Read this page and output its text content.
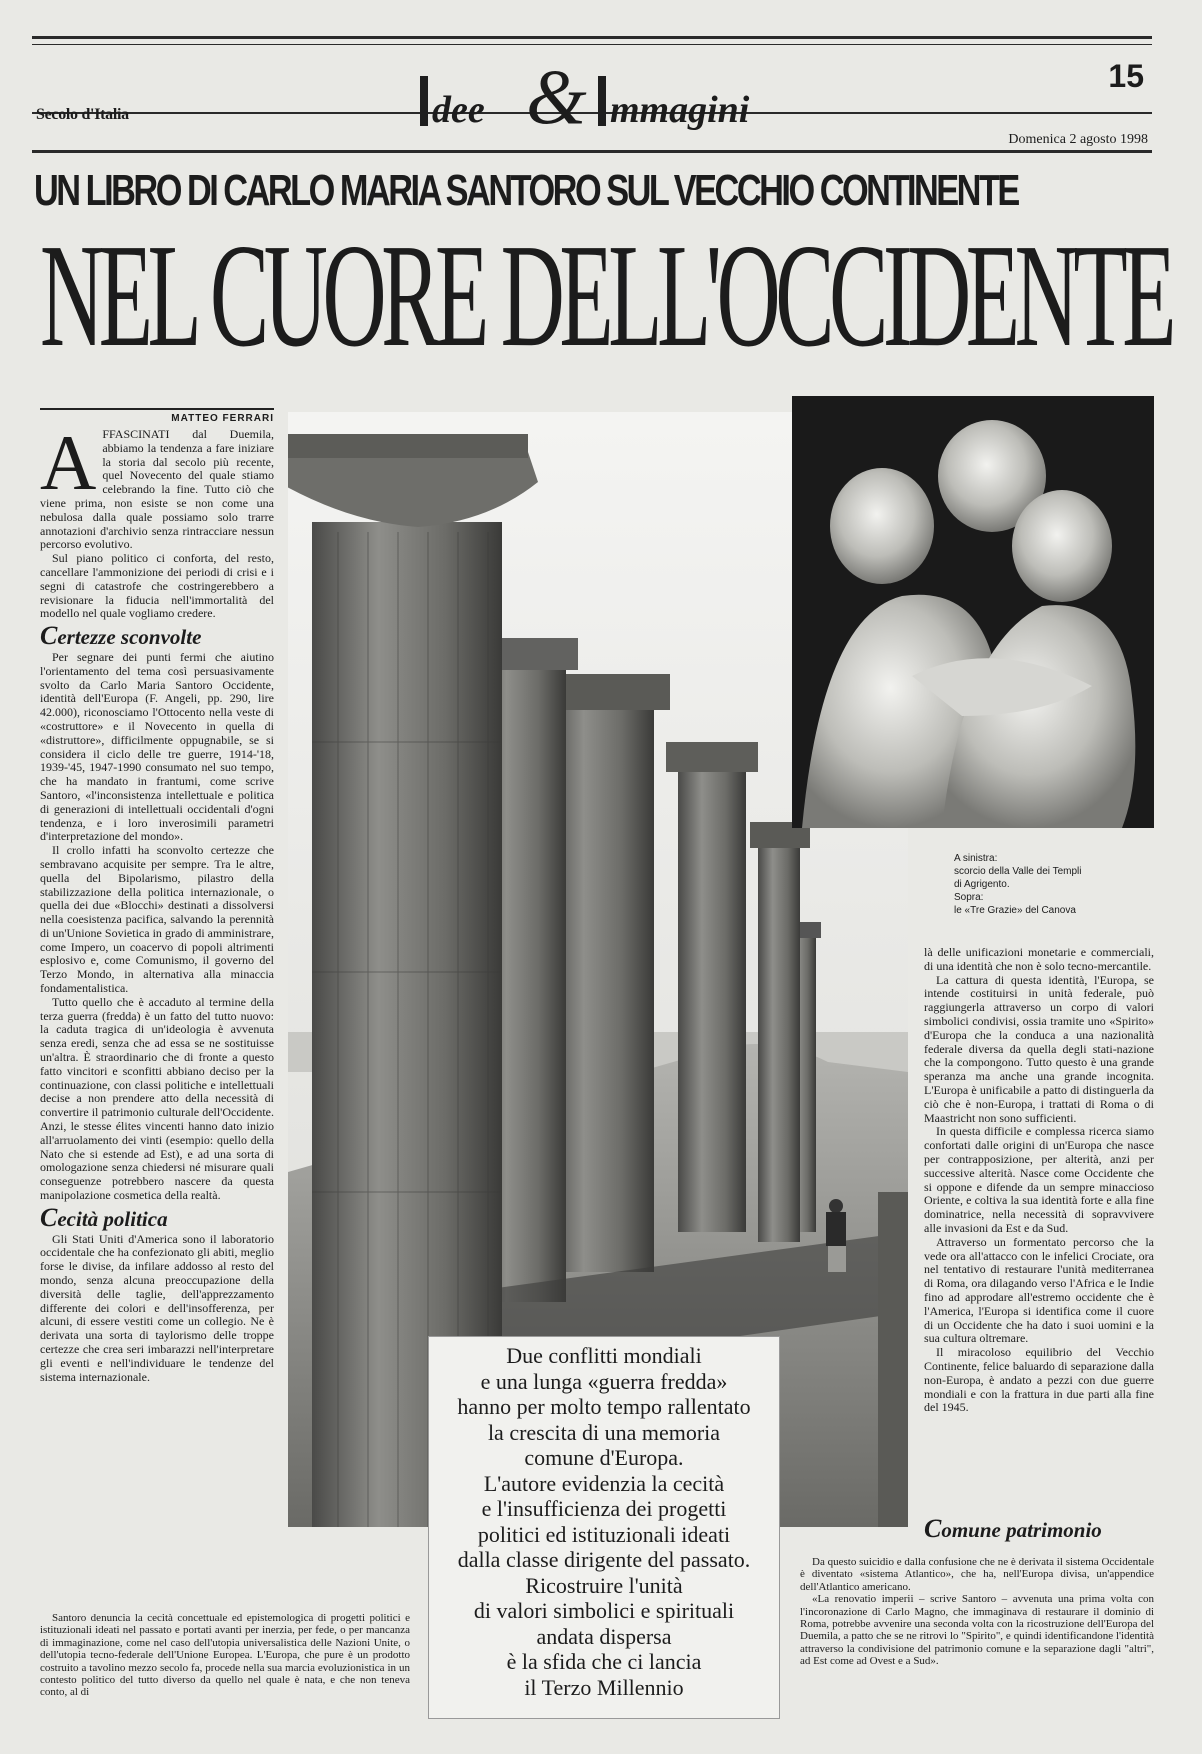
Secolo d'Italia	dee & mmagini
15
Domenica 2 agosto 1998
UN LIBRO DI CARLO MARIA SANTORO SUL VECCHIO CONTINENTE
NEL CUORE DELL'OCCIDENTE
MATTEO FERRARI

AFFASCINATI dal Duemila, abbiamo la tendenza a fare iniziare la storia dal secolo più recente, quel Novecento del quale stiamo celebrando la fine. Tutto ciò che viene prima, non esiste se non come una nebulosa dalla quale possiamo solo trarre annotazioni d'archivio senza rintracciare nessun percorso evolutivo.

Sul piano politico ci conforta, del resto, cancellare l'ammonizione dei periodi di crisi e i segni di catastrofe che costringerebbero a revisionare la fiducia nell'immortalità del modello nel quale vogliamo credere.

Certezze sconvolte

Per segnare dei punti fermi che aiutino l'orientamento del tema così persuasivamente svolto da Carlo Maria Santoro Occidente, identità dell'Europa (F. Angeli, pp. 290, lire 42.000), riconosciamo l'Ottocento nella veste di «costruttore» e il Novecento in quella di «distruttore», difficilmente oppugnabile, se si considera il ciclo delle tre guerre, 1914-'18, 1939-'45, 1947-1990 consumato nel suo tempo, che ha mandato in frantumi, come scrive Santoro, «l'inconsistenza intellettuale e politica di generazioni di intellettuali occidentali d'ogni tendenza, e i loro inverosimili parametri d'interpretazione del mondo».

Il crollo infatti ha sconvolto certezze che sembravano acquisite per sempre. Tra le altre, quella del Bipolarismo, pilastro della stabilizzazione della politica internazionale, o quella dei due «Blocchi» destinati a dissolversi nella coesistenza pacifica, salvando la perennità di un'Unione Sovietica in grado di amministrare, come Impero, un coacervo di popoli altrimenti esplosivo e, come Comunismo, il governo del Terzo Mondo, in alternativa alla minaccia fondamentalistica.

Tutto quello che è accaduto al termine della terza guerra (fredda) è un fatto del tutto nuovo: la caduta tragica di un'ideologia è avvenuta senza eredi, senza che ad essa se ne sostituisse un'altra. È straordinario che di fronte a questo fatto vincitori e sconfitti abbiano deciso per la continuazione, con classi politiche e intellettuali decise a non prendere atto della necessità di convertire il patrimonio culturale dell'Occidente. Anzi, le stesse élites vincenti hanno dato inizio all'arruolamento dei vinti (esempio: quello della Nato che si estende ad Est), e ad una sorta di omologazione senza chiedersi né misurare quali conseguenze potrebbero nascere da questa manipolazione cosmetica della realtà.

Cecità politica

Gli Stati Uniti d'America sono il laboratorio occidentale che ha confezionato gli abiti, meglio forse le divise, da infilare addosso al resto del mondo, senza alcuna preoccupazione della diversità delle taglie, dell'apprezzamento differente dei colori e dell'insofferenza, per alcuni, di essere vestiti come un collegio. Ne è derivata una sorta di taylorismo delle troppe certezze che crea seri imbarazzi nell'interpretare gli eventi e nell'individuare le tendenze del sistema internazionale.

Santoro denuncia la cecità concettuale ed epistemologica di progetti politici e istituzionali ideati nel passato e portati avanti per inerzia, per fede, o per mancanza di immaginazione, come nel caso dell'utopia universalistica delle Nazioni Unite, o dell'utopia tecno-federale dell'Unione Europea. L'Europa, che pure è un prodotto costruito a tavolino mezzo secolo fa, procede nella sua marcia evoluzionistica in un contesto politico del tutto diverso da quello nel quale è nata, e che non teneva conto, al di

A sinistra:
scorcio della Valle dei Templi
di Agrigento.
Sopra:
le «Tre Grazie» del Canova

là delle unificazioni monetarie e commerciali, di una identità che non è solo tecno-mercantile.

La cattura di questa identità, l'Europa, se intende costituirsi in unità federale, può raggiungerla attraverso un corpo di valori simbolici condivisi, ossia tramite uno «Spirito» d'Europa che la conduca a una nazionalità federale diversa da quella degli stati-nazione che la compongono. Tutto questo è una grande speranza ma anche una grande incognita. L'Europa è unificabile a patto di distinguerla da ciò che è non-Europa, i trattati di Roma o di Maastricht non sono sufficienti.

In questa difficile e complessa ricerca siamo confortati dalle origini di un'Europa che nasce per contrapposizione, per alterità, anzi per successive alterità. Nasce come Occidente che si oppone e difende da un sempre minaccioso Oriente, e coltiva la sua identità forte e alla fine dominatrice, nella necessità di sopravvivere alle invasioni da Est e da Sud.

Attraverso un formentato percorso che la vede ora all'attacco con le infelici Crociate, ora nel tentativo di restaurare l'unità mediterranea di Roma, ora dilagando verso l'Africa e le Indie fino ad approdare all'estremo occidente che è l'America, l'Europa si identifica come il cuore di un Occidente che ha dato i suoi uomini e la sua cultura oltremare.

Il miracoloso equilibrio del Vecchio Continente, felice baluardo di separazione dalla non-Europa, è andato a pezzi con due guerre mondiali e con la frattura in due parti alla fine del 1945.

Comune patrimonio

Da questo suicidio e dalla confusione che ne è derivata il sistema Occidentale è diventato «sistema Atlantico», che ha, nell'Europa divisa, un'appendice dell'Atlantico americano.

«La renovatio imperii – scrive Santoro – avvenuta una prima volta con l'incoronazione di Carlo Magno, che immaginava di restaurare il dominio di Roma, potrebbe avvenire una seconda volta con la ricostruzione dell'Europa del Duemila, a patto che se ne ritrovi lo "Spirito", e quindi identificandone l'identità attraverso la condivisione del patrimonio comune e la separazione dagli "altri", ad Est come ad Ovest e a Sud».

Due conflitti mondiali
e una lunga «guerra fredda»
hanno per molto tempo rallentato
la crescita di una memoria
comune d'Europa.
L'autore evidenzia la cecità
e l'insufficienza dei progetti
politici ed istituzionali ideati
dalla classe dirigente del passato.
Ricostruire l'unità
di valori simbolici e spirituali
andata dispersa
è la sfida che ci lancia
il Terzo Millennio
